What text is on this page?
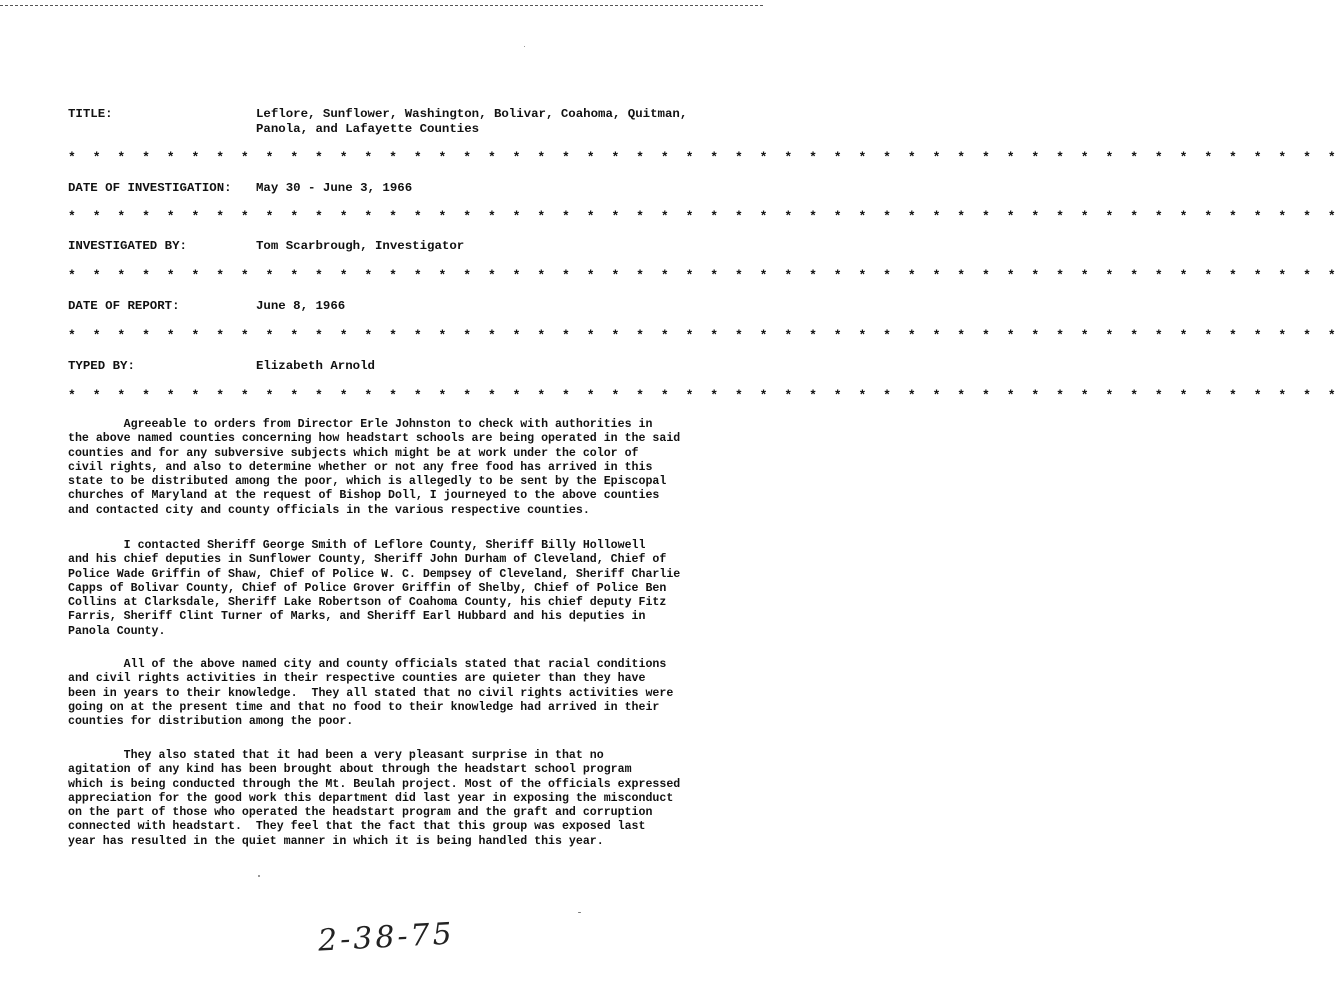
TITLE:	Leflore, Sunflower, Washington, Bolivar, Coahoma, Quitman,
Panola, and Lafayette Counties
* * * * * * * * * * * * * * * * * * * * * * * * * * * * * * * * * * * * * * * * * * * * * * * * * * * *
DATE OF INVESTIGATION: May 30 - June 3, 1966
* * * * * * * * * * * * * * * * * * * * * * * * * * * * * * * * * * * * * * * * * * * * * * * * * * * *
INVESTIGATED BY:	Tom Scarbrough, Investigator
* * * * * * * * * * * * * * * * * * * * * * * * * * * * * * * * * * * * * * * * * * * * * * * * * * * *
DATE OF REPORT:	June 8, 1966
* * * * * * * * * * * * * * * * * * * * * * * * * * * * * * * * * * * * * * * * * * * * * * * * * * * *
TYPED BY:	Elizabeth Arnold
* * * * * * * * * * * * * * * * * * * * * * * * * * * * * * * * * * * * * * * * * * * * * * * * * * * *
Agreeable to orders from Director Erle Johnston to check with authorities in
the above named counties concerning how headstart schools are being operated in the said
counties and for any subversive subjects which might be at work under the color of
civil rights, and also to determine whether or not any free food has arrived in this
state to be distributed among the poor, which is allegedly to be sent by the Episcopal
churches of Maryland at the request of Bishop Doll, I journeyed to the above counties
and contacted city and county officials in the various respective counties.
I contacted Sheriff George Smith of Leflore County, Sheriff Billy Hollowell
and his chief deputies in Sunflower County, Sheriff John Durham of Cleveland, Chief of
Police Wade Griffin of Shaw, Chief of Police W. C. Dempsey of Cleveland, Sheriff Charlie
Capps of Bolivar County, Chief of Police Grover Griffin of Shelby, Chief of Police Ben
Collins at Clarksdale, Sheriff Lake Robertson of Coahoma County, his chief deputy Fitz
Farris, Sheriff Clint Turner of Marks, and Sheriff Earl Hubbard and his deputies in
Panola County.
All of the above named city and county officials stated that racial conditions
and civil rights activities in their respective counties are quieter than they have
been in years to their knowledge.  They all stated that no civil rights activities were
going on at the present time and that no food to their knowledge had arrived in their
counties for distribution among the poor.
They also stated that it had been a very pleasant surprise in that no
agitation of any kind has been brought about through the headstart school program
which is being conducted through the Mt. Beulah project. Most of the officials expressed
appreciation for the good work this department did last year in exposing the misconduct
on the part of those who operated the headstart program and the graft and corruption
connected with headstart.  They feel that the fact that this group was exposed last
year has resulted in the quiet manner in which it is being handled this year.
2-38-75
